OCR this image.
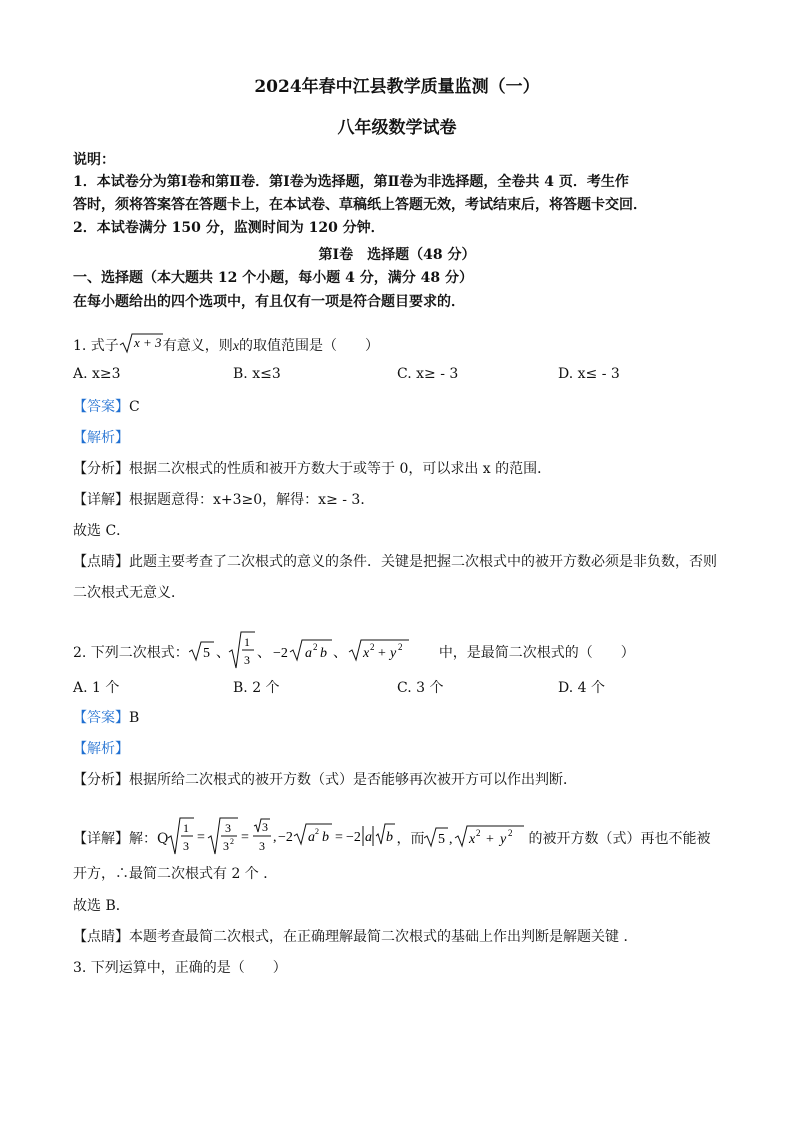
2024年春中江县教学质量监测（一）
八年级数学试卷
说明：
1．本试卷分为第Ⅰ卷和第Ⅱ卷．第Ⅰ卷为选择题，第Ⅱ卷为非选择题，全卷共 4 页．考生作
答时，须将答案答在答题卡上，在本试卷、草稿纸上答题无效，考试结束后，将答题卡交回．
2．本试卷满分 150 分，监测时间为 120 分钟．
第Ⅰ卷　选择题（48 分）
一、选择题（本大题共 12 个小题，每小题 4 分，满分 48 分）
在每小题给出的四个选项中，有且仅有一项是符合题目要求的．
1. 式子 x + 3 有意义，则x的取值范围是（　　）
A. x≥3	B. x≤3	C. x≥ - 3	D. x≤ - 3
【答案】C
【解析】
【分析】根据二次根式的性质和被开方数大于或等于 0，可以求出 x 的范围．
【详解】根据题意得：x+3≥0，解得：x≥ - 3．
故选 C．
【点睛】此题主要考查了二次根式的意义的条件．关键是把握二次根式中的被开方数必须是非负数，否则
二次根式无意义．
2. 下列二次根式： 5 、
1
3 、 −2 a 2 b 、 x 2 + y 2	中，是最简二次根式的（　　）
A. 1 个	B. 2 个	C. 3 个	D. 4 个
【答案】B
【解析】
【分析】根据所给二次根式的被开方数（式）是否能够再次被开方可以作出判断．
【详解】解：Q
1
3
=
3
3 2 =
3
3
, −2 a 2 b = −2 a b ，而 5 , x 2 + y 2 的被开方数（式）再也不能被
开方，∴最简二次根式有 2 个 ．
故选 B．
【点睛】本题考查最简二次根式，在正确理解最简二次根式的基础上作出判断是解题关键 ．
3. 下列运算中，正确的是（　　）
